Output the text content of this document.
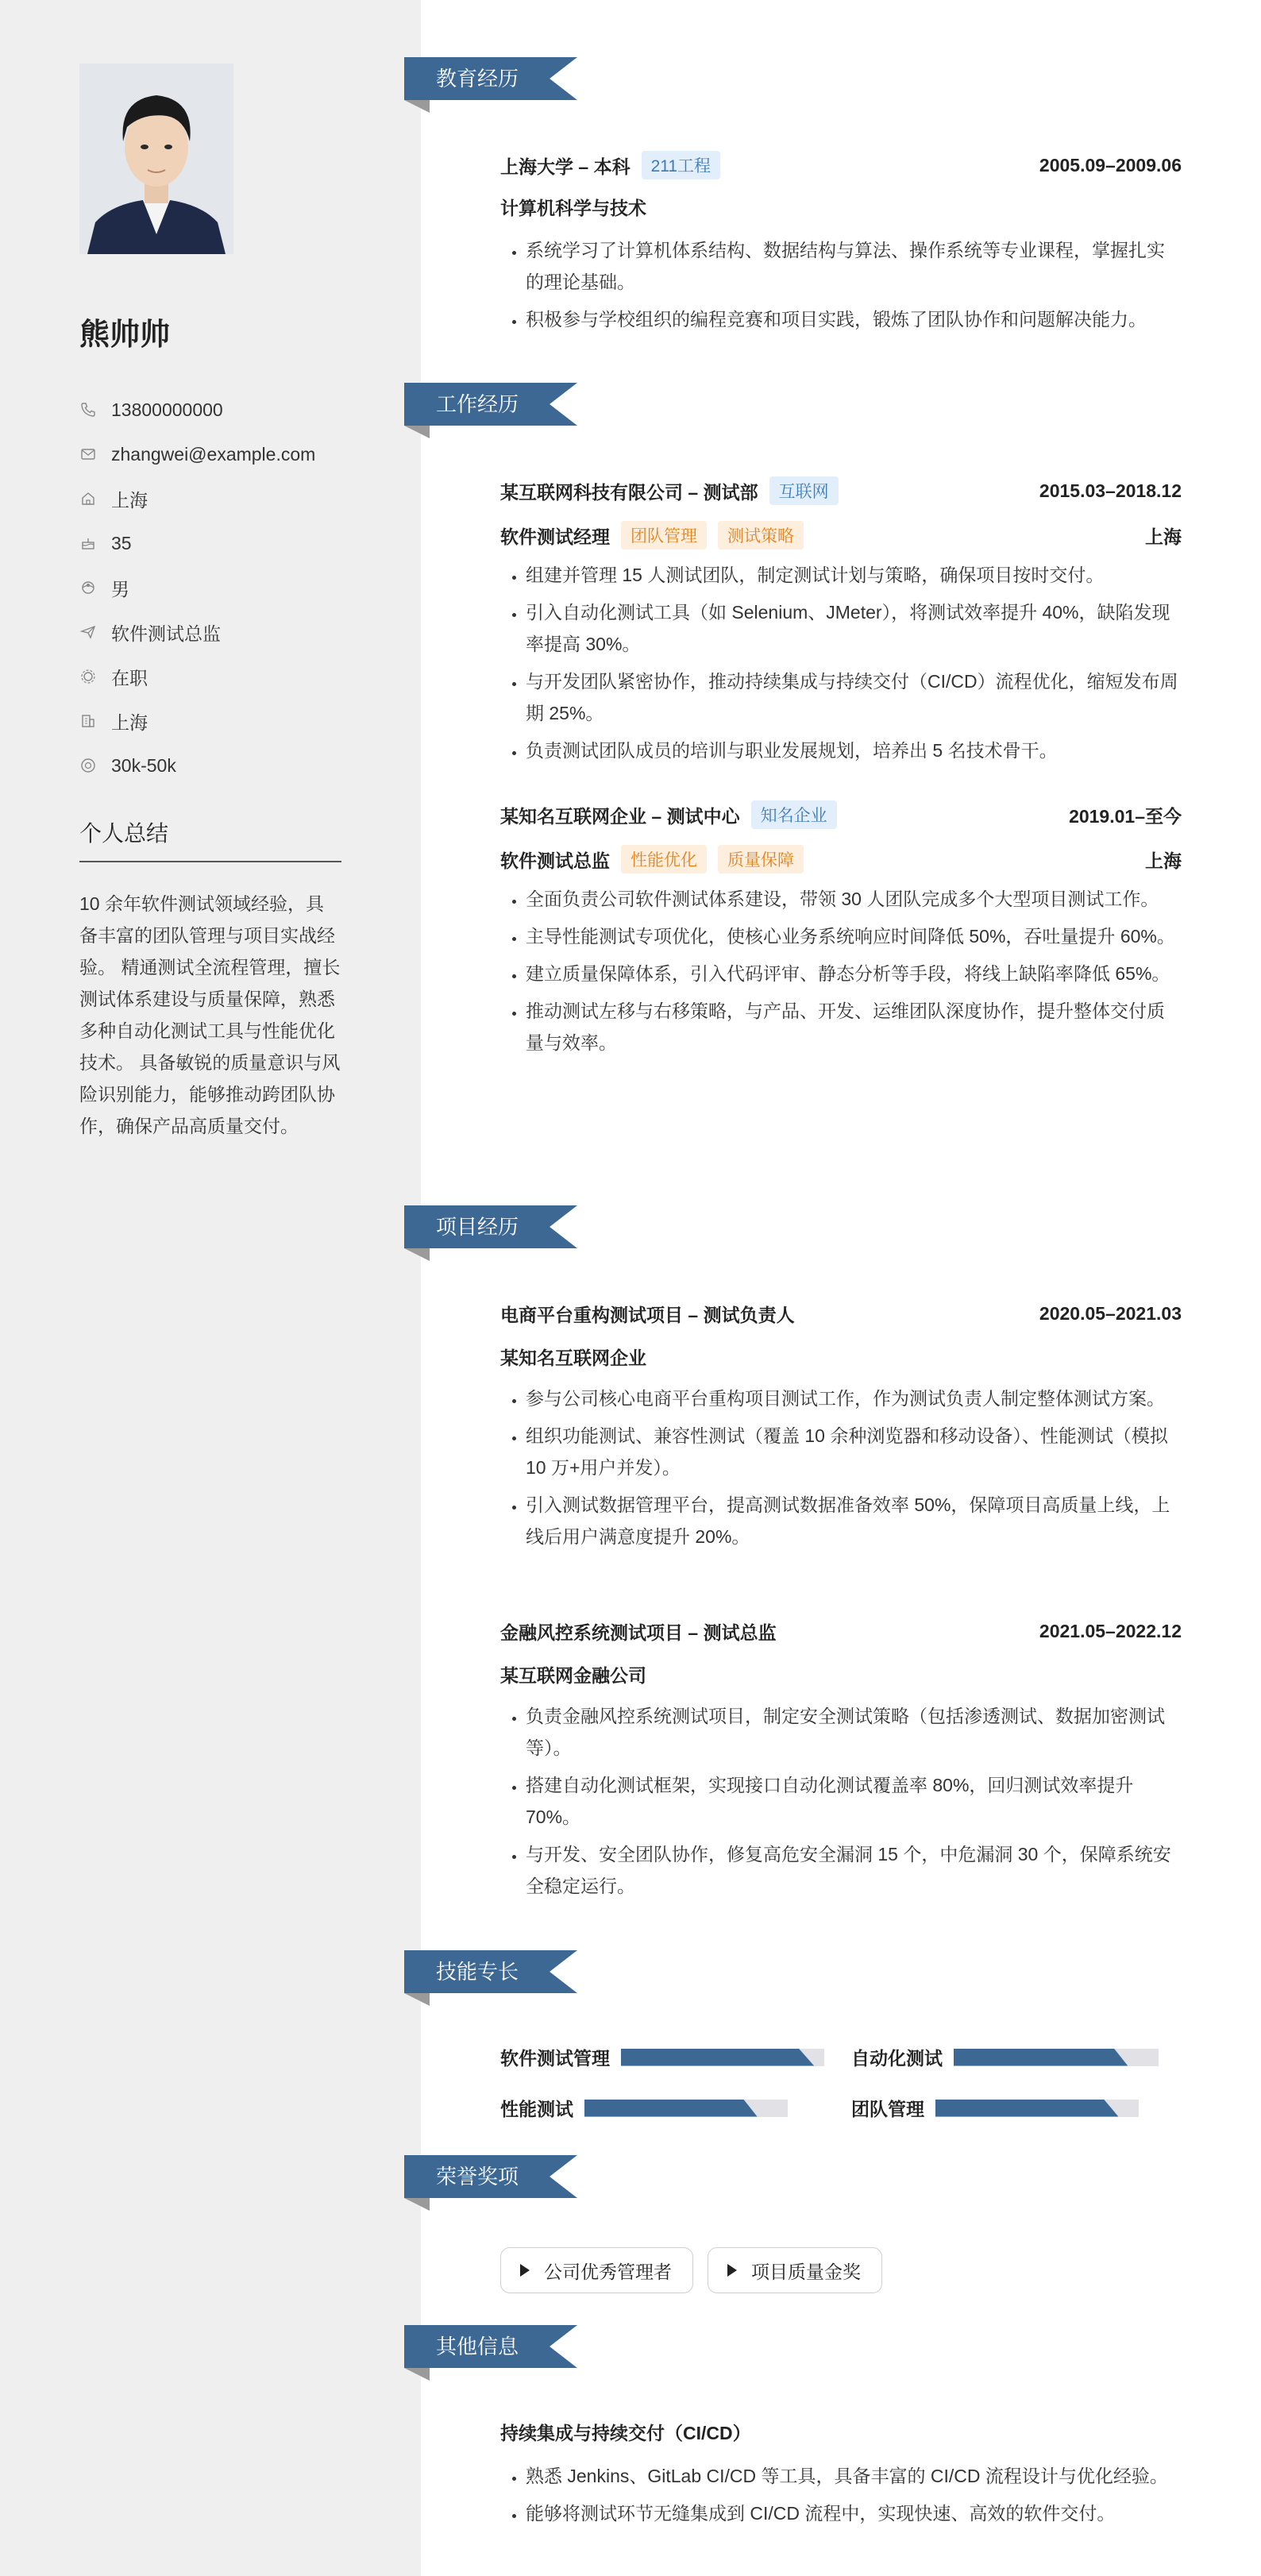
熊帅帅
13800000000
zhangwei@example.com
上海
35
男
软件测试总监
在职
上海
30k-50k
个人总结

10 余年软件测试领域经验，具备丰富的团队管理与项目实战经验。 精通测试全流程管理，擅长测试体系建设与质量保障，熟悉多种自动化测试工具与性能优化技术。 具备敏锐的质量意识与风险识别能力，能够推动跨团队协作，确保产品高质量交付。

教育经历
工作经历
项目经历
技能专长
荣誉奖项
其他信息
上海大学 – 本科	211工程	2005.09–2009.06
计算机科学与技术
• 系统学习了计算机体系结构、数据结构与算法、操作系统等专业课程，掌握扎实的理论基础。
• 积极参与学校组织的编程竞赛和项目实践，锻炼了团队协作和问题解决能力。
某互联网科技有限公司 – 测试部	互联网	2015.03–2018.12
软件测试经理	团队管理	测试策略	上海
• 组建并管理 15 人测试团队，制定测试计划与策略，确保项目按时交付。
• 引入自动化测试工具（如 Selenium、JMeter），将测试效率提升 40%，缺陷发现率提高 30%。
• 与开发团队紧密协作，推动持续集成与持续交付（CI/CD）流程优化，缩短发布周期 25%。
• 负责测试团队成员的培训与职业发展规划，培养出 5 名技术骨干。
某知名互联网企业 – 测试中心	知名企业	2019.01–至今
软件测试总监	性能优化	质量保障	上海
• 全面负责公司软件测试体系建设，带领 30 人团队完成多个大型项目测试工作。
• 主导性能测试专项优化，使核心业务系统响应时间降低 50%，吞吐量提升 60%。
• 建立质量保障体系，引入代码评审、静态分析等手段，将线上缺陷率降低 65%。
• 推动测试左移与右移策略，与产品、开发、运维团队深度协作，提升整体交付质量与效率。
电商平台重构测试项目 – 测试负责人	2020.05–2021.03
某知名互联网企业
• 参与公司核心电商平台重构项目测试工作，作为测试负责人制定整体测试方案。
• 组织功能测试、兼容性测试（覆盖 10 余种浏览器和移动设备）、性能测试（模拟 10 万+用户并发）。
• 引入测试数据管理平台，提高测试数据准备效率 50%，保障项目高质量上线，上线后用户满意度提升 20%。
金融风控系统测试项目 – 测试总监	2021.05–2022.12
某互联网金融公司
• 负责金融风控系统测试项目，制定安全测试策略（包括渗透测试、数据加密测试等）。
• 搭建自动化测试框架，实现接口自动化测试覆盖率 80%，回归测试效率提升 70%。
• 与开发、安全团队协作，修复高危安全漏洞 15 个，中危漏洞 30 个，保障系统安全稳定运行。
软件测试管理	自动化测试
性能测试	团队管理
公司优秀管理者	项目质量金奖
持续集成与持续交付（CI/CD）
• 熟悉 Jenkins、GitLab CI/CD 等工具，具备丰富的 CI/CD 流程设计与优化经验。
• 能够将测试环节无缝集成到 CI/CD 流程中，实现快速、高效的软件交付。
